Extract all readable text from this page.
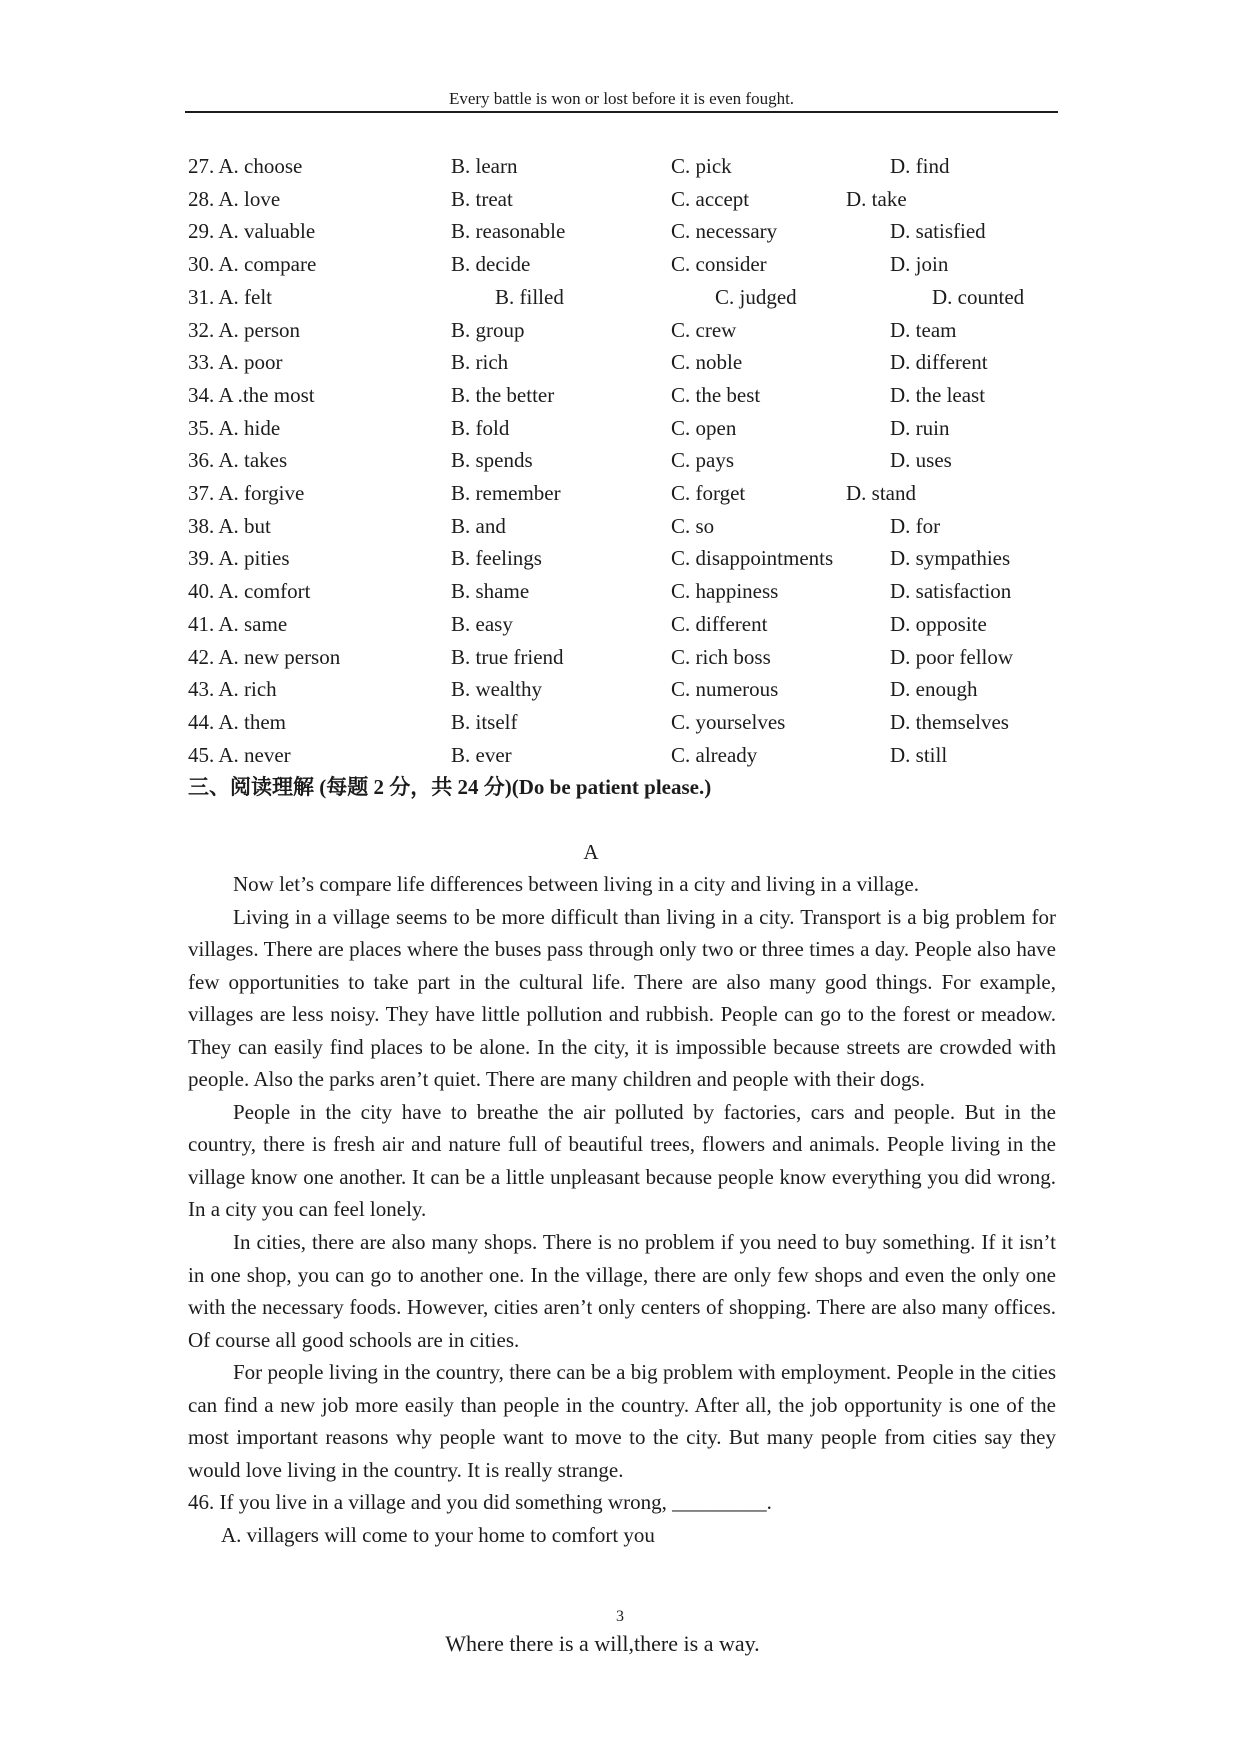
Every battle is won or lost before it is even fought.
27. A. choose	B. learn	C. pick	D. find
28. A. love	B. treat	C. accept	D. take
29. A. valuable	B. reasonable	C. necessary	D. satisfied
30. A. compare	B. decide	C. consider	D. join
31. A. felt	B. filled	C. judged	D. counted
32. A. person	B. group	C. crew	D. team
33. A. poor	B. rich	C. noble	D. different
34. A .the most	B. the better	C. the best	D. the least
35. A. hide	B. fold	C. open	D. ruin
36. A. takes	B. spends	C. pays	D. uses
37. A. forgive	B. remember	C. forget	D. stand
38. A. but	B. and	C. so	D. for
39. A. pities	B. feelings	C. disappointments	D. sympathies
40. A. comfort	B. shame	C. happiness	D. satisfaction
41. A. same	B. easy	C. different	D. opposite
42. A. new person	B. true friend	C. rich boss	D. poor fellow
43. A. rich	B. wealthy	C. numerous	D. enough
44. A. them	B. itself	C. yourselves	D. themselves
45. A. never	B. ever	C. already	D. still
三、阅读理解 (每题 2 分，共 24 分)(Do be patient please.)
A

Now let’s compare life differences between living in a city and living in a village.

Living in a village seems to be more difficult than living in a city. Transport is a big problem for villages. There are places where the buses pass through only two or three times a day. People also have few opportunities to take part in the cultural life. There are also many good things. For example, villages are less noisy. They have little pollution and rubbish. People can go to the forest or meadow. They can easily find places to be alone. In the city, it is impossible because streets are crowded with people. Also the parks aren’t quiet. There are many children and people with their dogs.

People in the city have to breathe the air polluted by factories, cars and people. But in the country, there is fresh air and nature full of beautiful trees, flowers and animals. People living in the village know one another. It can be a little unpleasant because people know everything you did wrong. In a city you can feel lonely.

In cities, there are also many shops. There is no problem if you need to buy something. If it isn’t in one shop, you can go to another one. In the village, there are only few shops and even the only one with the necessary foods. However, cities aren’t only centers of shopping. There are also many offices. Of course all good schools are in cities.

For people living in the country, there can be a big problem with employment. People in the cities can find a new job more easily than people in the country. After all, the job opportunity is one of the most important reasons why people want to move to the city. But many people from cities say they would love living in the country. It is really strange.

46. If you live in a village and you did something wrong, _________.

A. villagers will come to your home to comfort you

3
Where there is a will,there is a way.
